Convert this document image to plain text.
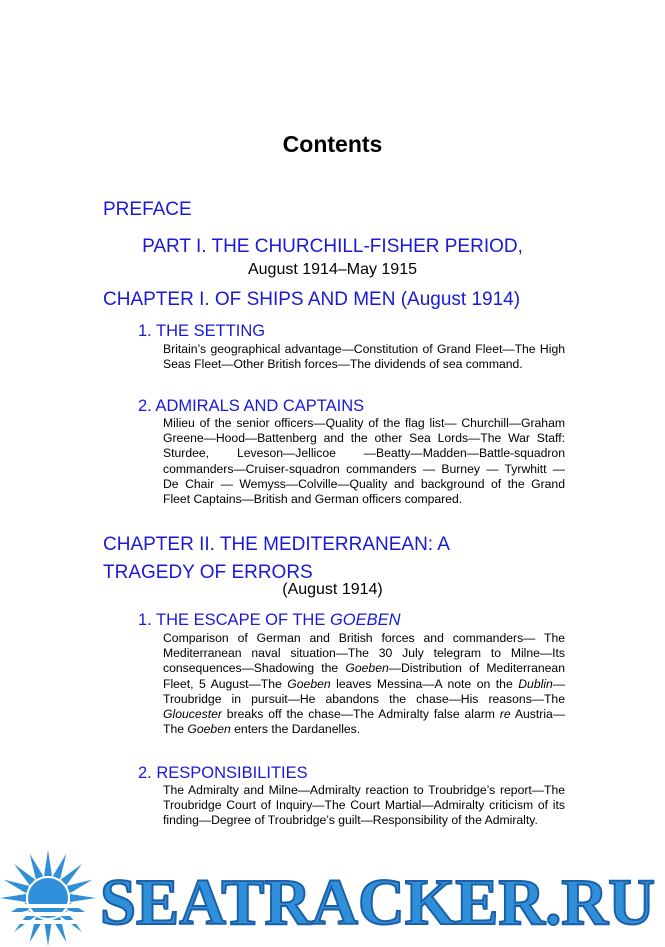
Contents
PREFACE
PART I. THE CHURCHILL-FISHER PERIOD,
August 1914–May 1915
CHAPTER I. OF SHIPS AND MEN (August 1914)
1. THE SETTING
Britain’s geographical advantage—Constitution of Grand Fleet—The High Seas Fleet—Other British forces—The dividends of sea command.
2. ADMIRALS AND CAPTAINS
Milieu of the senior officers—Quality of the flag list— Churchill—Graham Greene—Hood—Battenberg and the other Sea Lords—The War Staff: Sturdee, Leveson—Jellicoe —Beatty—Madden—Battle-squadron commanders—Cruiser-squadron commanders — Burney — Tyrwhitt — De Chair — Wemyss—Colville—Quality and background of the Grand Fleet Captains—British and German officers compared.
CHAPTER II. THE MEDITERRANEAN: A
TRAGEDY OF ERRORS
(August 1914)
1. THE ESCAPE OF THE GOEBEN
Comparison of German and British forces and commanders— The Mediterranean naval situation—The 30 July telegram to Milne—Its consequences—Shadowing the Goeben—Distribution of Mediterranean Fleet, 5 August—The Goeben leaves Messina—A note on the Dublin—Troubridge in pursuit—He abandons the chase—His reasons—The Gloucester breaks off the chase—The Admiralty false alarm re Austria—The Goeben enters the Dardanelles.
2. RESPONSIBILITIES
The Admiralty and Milne—Admiralty reaction to Troubridge’s report—The Troubridge Court of Inquiry—The Court Martial—Admiralty criticism of its finding—Degree of Troubridge’s guilt—Responsibility of the Admiralty.
SEATRACKER.RU
